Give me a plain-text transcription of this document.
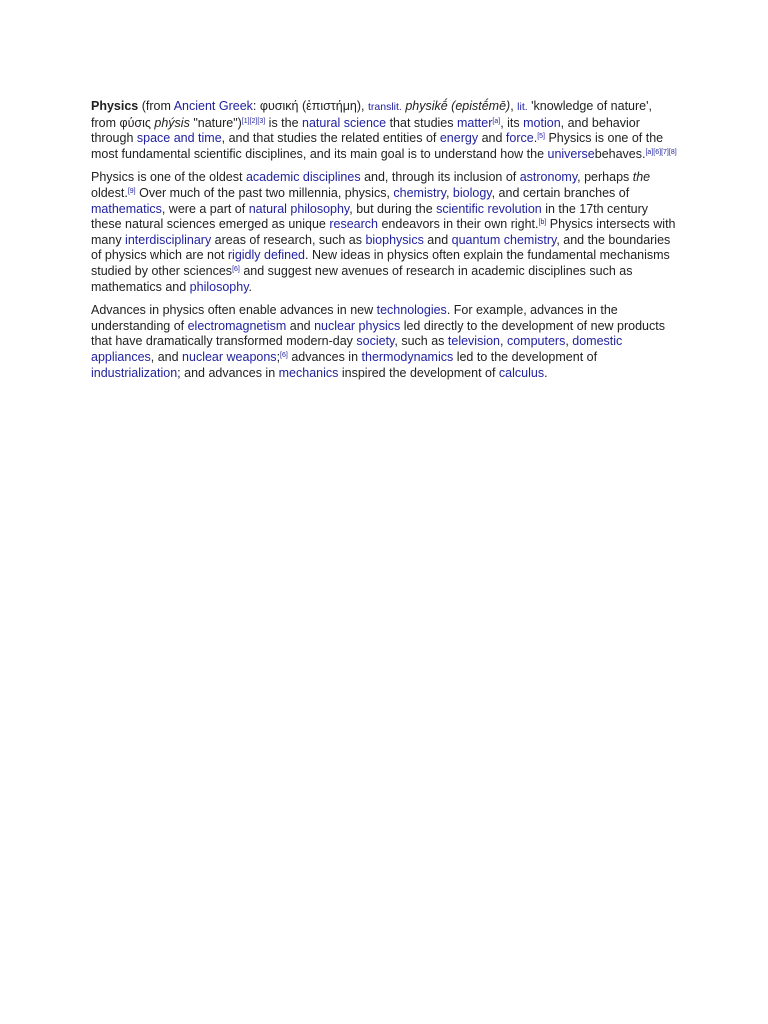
Physics (from Ancient Greek: φυσική (ἐπιστήμη), translit. physikḗ (epistḗmē), lit. 'knowledge of nature', from φύσις phýsis "nature")[1][2][3] is the natural science that studies matter[a], its motion, and behavior through space and time, and that studies the related entities of energy and force.[5] Physics is one of the most fundamental scientific disciplines, and its main goal is to understand how the universebehaves.[a][6][7][8]

Physics is one of the oldest academic disciplines and, through its inclusion of astronomy, perhaps the oldest.[9] Over much of the past two millennia, physics, chemistry, biology, and certain branches of mathematics, were a part of natural philosophy, but during the scientific revolution in the 17th century these natural sciences emerged as unique research endeavors in their own right.[b] Physics intersects with many interdisciplinary areas of research, such as biophysics and quantum chemistry, and the boundaries of physics which are not rigidly defined. New ideas in physics often explain the fundamental mechanisms studied by other sciences[6] and suggest new avenues of research in academic disciplines such as mathematics and philosophy.

Advances in physics often enable advances in new technologies. For example, advances in the understanding of electromagnetism and nuclear physics led directly to the development of new products that have dramatically transformed modern-day society, such as television, computers, domestic appliances, and nuclear weapons;[6] advances in thermodynamics led to the development of industrialization; and advances in mechanics inspired the development of calculus.
